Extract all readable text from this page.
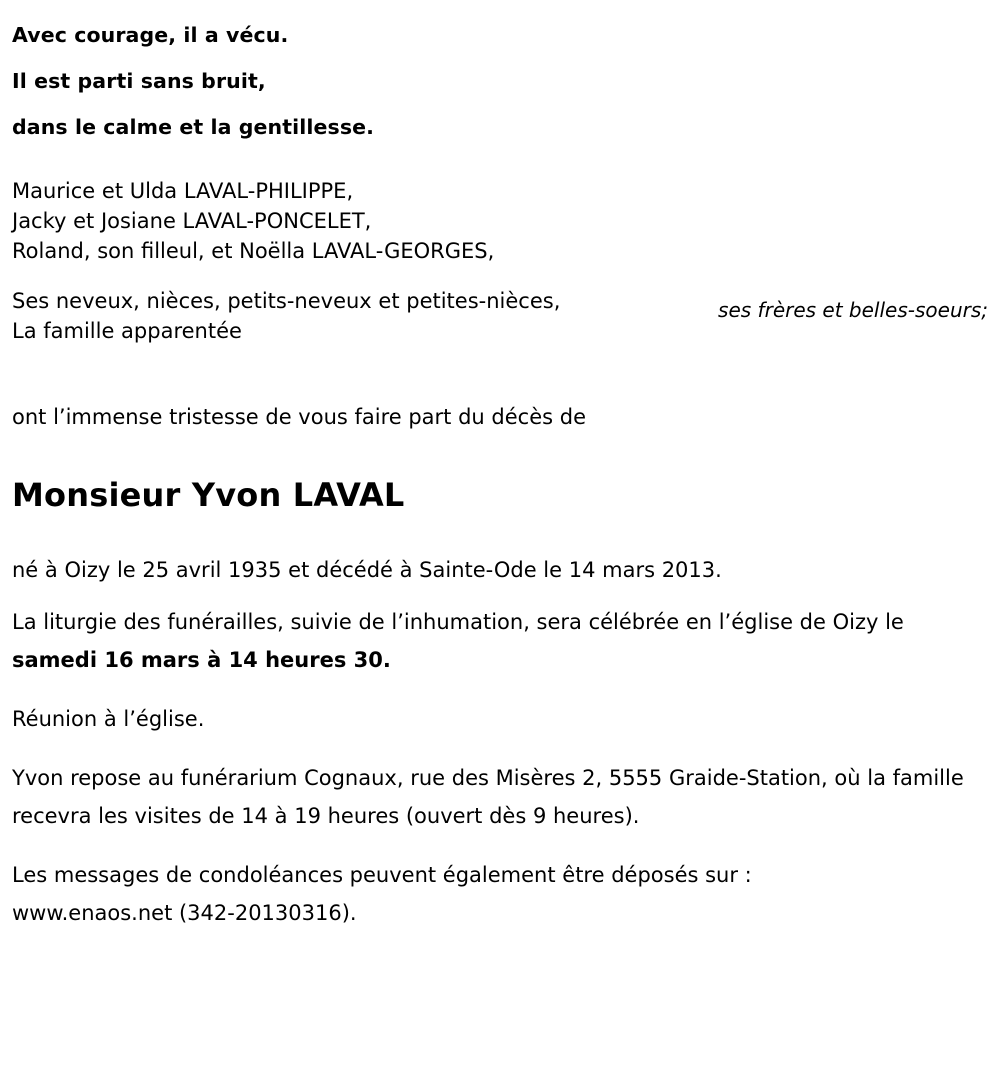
Avec courage, il a vécu.
Il est parti sans bruit,
dans le calme et la gentillesse.
Maurice et Ulda LAVAL-PHILIPPE,
Jacky et Josiane LAVAL-PONCELET,
Roland, son filleul, et Noëlla LAVAL-GEORGES,
ses frères et belles-soeurs;
Ses neveux, nièces, petits-neveux et petites-nièces,
La famille apparentée
ont l’immense tristesse de vous faire part du décès de
Monsieur Yvon LAVAL
né à Oizy le 25 avril 1935 et décédé à Sainte-Ode le 14 mars 2013.

La liturgie des funérailles, suivie de l’inhumation, sera célébrée en l’église de Oizy le samedi 16 mars à 14 heures 30.

Réunion à l’église.

Yvon repose au funérarium Cognaux, rue des Misères 2, 5555 Graide-Station, où la famille recevra les visites de 14 à 19 heures (ouvert dès 9 heures).

Les messages de condoléances peuvent également être déposés sur :
www.enaos.net (342-20130316).
